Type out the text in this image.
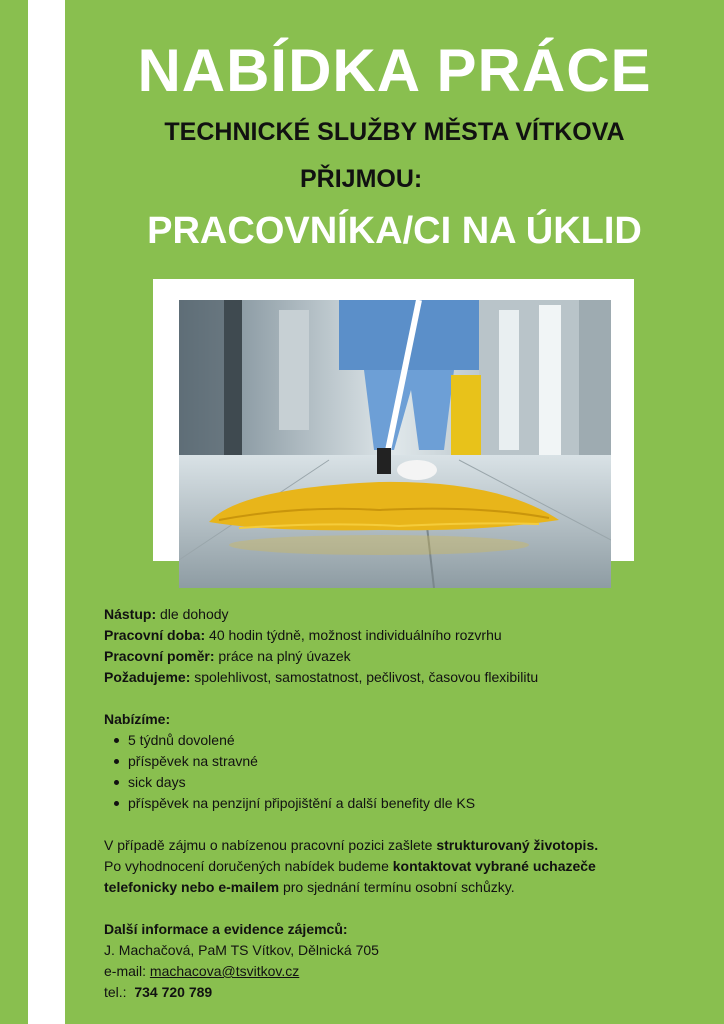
NABÍDKA PRÁCE
TECHNICKÉ SLUŽBY MĚSTA VÍTKOVA
PŘIJMOU:
PRACOVNÍKA/CI NA ÚKLID

Nástup: dle dohody

Pracovní doba: 40 hodin týdně, možnost individuálního rozvrhu

Pracovní poměr: práce na plný úvazek

Požadujeme: spolehlivost, samostatnost, pečlivost, časovou flexibilitu

Nabízíme:

5 týdnů dovolené
příspěvek na stravné
sick days
příspěvek na penzijní připojištění a další benefity dle KS

V případě zájmu o nabízenou pracovní pozici zašlete strukturovaný životopis.

Po vyhodnocení doručených nabídek budeme kontaktovat vybrané uchazeče

telefonicky nebo e-mailem pro sjednání termínu osobní schůzky.

Další informace a evidence zájemců:

J. Machačová, PaM TS Vítkov, Dělnická 705

e-mail: machacova@tsvitkov.cz

tel.:  734 720 789
